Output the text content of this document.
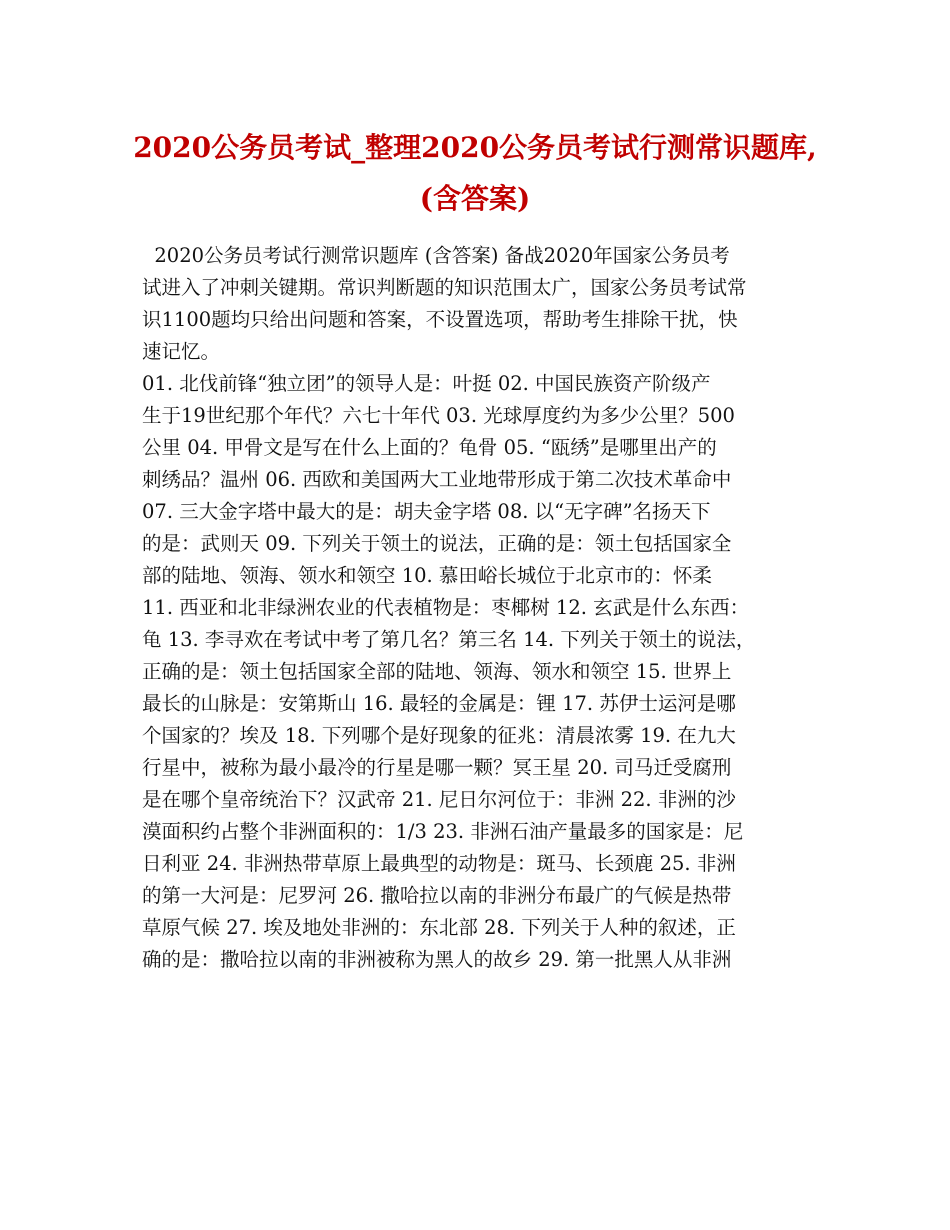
2020公务员考试_整理2020公务员考试行测常识题库,
(含答案)
2020公务员考试行测常识题库 (含答案) 备战2020年国家公务员考
试进入了冲刺关键期。常识判断题的知识范围太广，国家公务员考试常
识1100题均只给出问题和答案，不设置选项，帮助考生排除干扰，快
速记忆。
01. 北伐前锋“独立团”的领导人是：叶挺 02. 中国民族资产阶级产
生于19世纪那个年代？六七十年代 03. 光球厚度约为多少公里？500
公里 04. 甲骨文是写在什么上面的？龟骨 05. “瓯绣”是哪里出产的
刺绣品？温州 06. 西欧和美国两大工业地带形成于第二次技术革命中
07. 三大金字塔中最大的是：胡夫金字塔 08. 以“无字碑”名扬天下
的是：武则天 09. 下列关于领土的说法，正确的是：领土包括国家全
部的陆地、领海、领水和领空 10. 慕田峪长城位于北京市的：怀柔
11. 西亚和北非绿洲农业的代表植物是：枣椰树 12. 玄武是什么东西：
龟 13. 李寻欢在考试中考了第几名？第三名 14. 下列关于领土的说法，
正确的是：领土包括国家全部的陆地、领海、领水和领空 15. 世界上
最长的山脉是：安第斯山 16. 最轻的金属是：锂 17. 苏伊士运河是哪
个国家的？埃及 18. 下列哪个是好现象的征兆：清晨浓雾 19. 在九大
行星中，被称为最小最冷的行星是哪一颗？冥王星 20. 司马迁受腐刑
是在哪个皇帝统治下？汉武帝 21. 尼日尔河位于：非洲 22. 非洲的沙
漠面积约占整个非洲面积的：1/3 23. 非洲石油产量最多的国家是：尼
日利亚 24. 非洲热带草原上最典型的动物是：斑马、长颈鹿 25. 非洲
的第一大河是：尼罗河 26. 撒哈拉以南的非洲分布最广的气候是热带
草原气候 27. 埃及地处非洲的：东北部 28. 下列关于人种的叙述，正
确的是：撒哈拉以南的非洲被称为黑人的故乡 29. 第一批黑人从非洲
